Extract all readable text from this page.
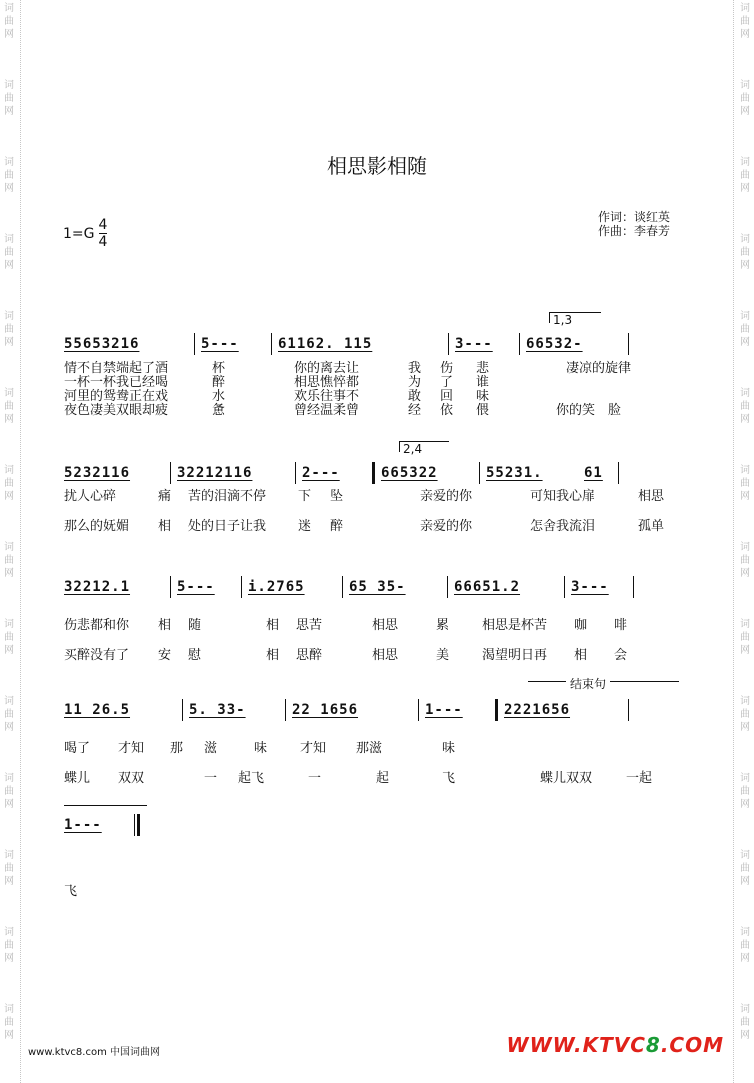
词
曲
网
词
曲
网
词
曲
网
词
曲
网
词
曲
网
词
曲
网
词
曲
网
词
曲
网
词
曲
网
词
曲
网
词
曲
网
词
曲
网
词
曲
网
词
曲
网
词
曲
网
词
曲
网
词
曲
网
词
曲
网
词
曲
网
词
曲
网
词
曲
网
词
曲
网
词
曲
网
词
曲
网
词
曲
网
词
曲
网
词
曲
网
词
曲
网
相思影相随
$1=G \frac{4}{4}$
作词：谈红英
作曲：李春芳
1,3
55653216	5---	61162. 115	3---	66532-
情不自禁端起了酒	杯	你的离去让	我	伤	悲	凄凉的旋律
一杯一杯我已经喝	醉	相思憔悴都	为	了	谁
河里的鸳鸯正在戏	水	欢乐往事不	敢	回	味
夜色凄美双眼却疲	惫	曾经温柔曾	经	依	偎	你的笑　脸
2,4
5232116	32212116	2---	665322	55231.	61
扰人心碎	痛	苦的泪滴不停	下	坠	亲爱的你	可知我心扉	相思
那么的妩媚	相	处的日子让我	迷	醉	亲爱的你	怎舍我流泪	孤单
32212.1	5---	i.2765	65 35-	66651.2	3---
伤悲都和你	相	随	相	思苦	相思	累	相思是杯苦	咖	啡
买醉没有了	安	慰	相	思醉	相思	美	渴望明日再	相	会
结束句
11 26.5	5. 33-	22 1656	1---	2221656
喝了	才知	那	滋	味	才知	那滋	味
蝶儿	双双	一	起飞	一	起	飞	蝶儿双双	一起
1---
飞
www.ktvc8.com 中国词曲网	WWW.KTVC8.COM
